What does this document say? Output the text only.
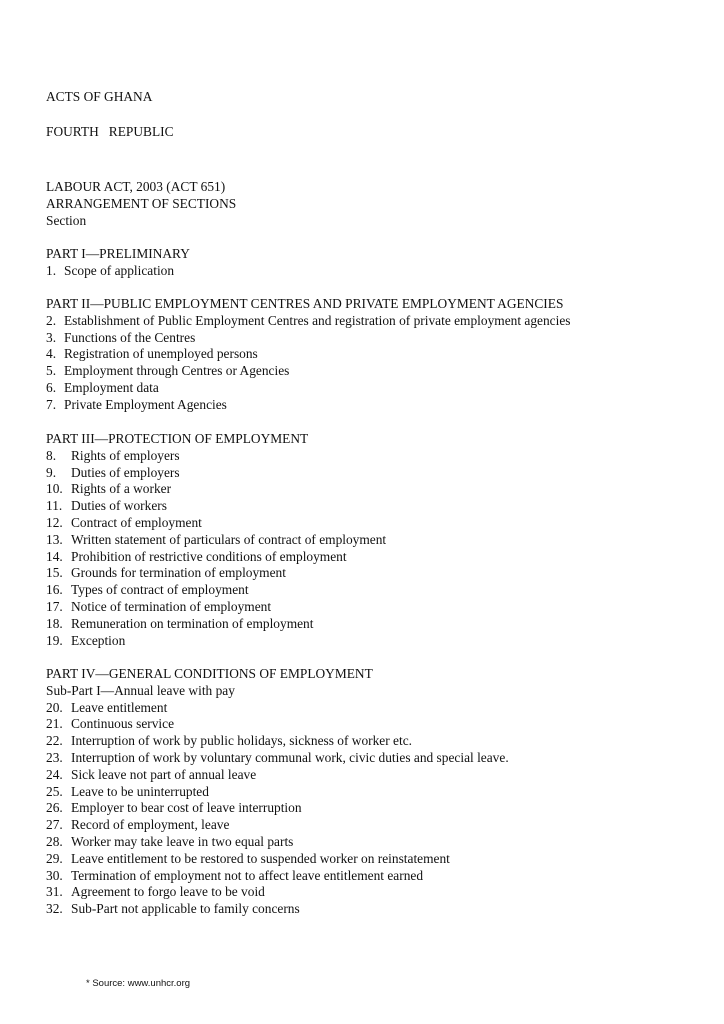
ACTS OF GHANA
FOURTH   REPUBLIC
LABOUR ACT, 2003 (ACT 651)
ARRANGEMENT OF SECTIONS
Section
PART I—PRELIMINARY
1. Scope of application
PART II—PUBLIC EMPLOYMENT CENTRES AND PRIVATE EMPLOYMENT AGENCIES
2. Establishment of Public Employment Centres and registration of private employment agencies
3. Functions of the Centres
4. Registration of unemployed persons
5. Employment through Centres or Agencies
6. Employment data
7. Private Employment Agencies
PART III—PROTECTION OF EMPLOYMENT
8. Rights of employers
9. Duties of employers
10. Rights of a worker
11. Duties of workers
12. Contract of employment
13. Written statement of particulars of contract of employment
14. Prohibition of restrictive conditions of employment
15. Grounds for termination of employment
16. Types of contract of employment
17. Notice of termination of employment
18. Remuneration on termination of employment
19. Exception
PART IV—GENERAL CONDITIONS OF EMPLOYMENT
Sub-Part I—Annual leave with pay
20. Leave entitlement
21. Continuous service
22. Interruption of work by public holidays, sickness of worker etc.
23. Interruption of work by voluntary communal work, civic duties and special leave.
24. Sick leave not part of annual leave
25. Leave to be uninterrupted
26. Employer to bear cost of leave interruption
27. Record of employment, leave
28. Worker may take leave in two equal parts
29. Leave entitlement to be restored to suspended worker on reinstatement
30. Termination of employment not to affect leave entitlement earned
31. Agreement to forgo leave to be void
32. Sub-Part not applicable to family concerns
* Source: www.unhcr.org
